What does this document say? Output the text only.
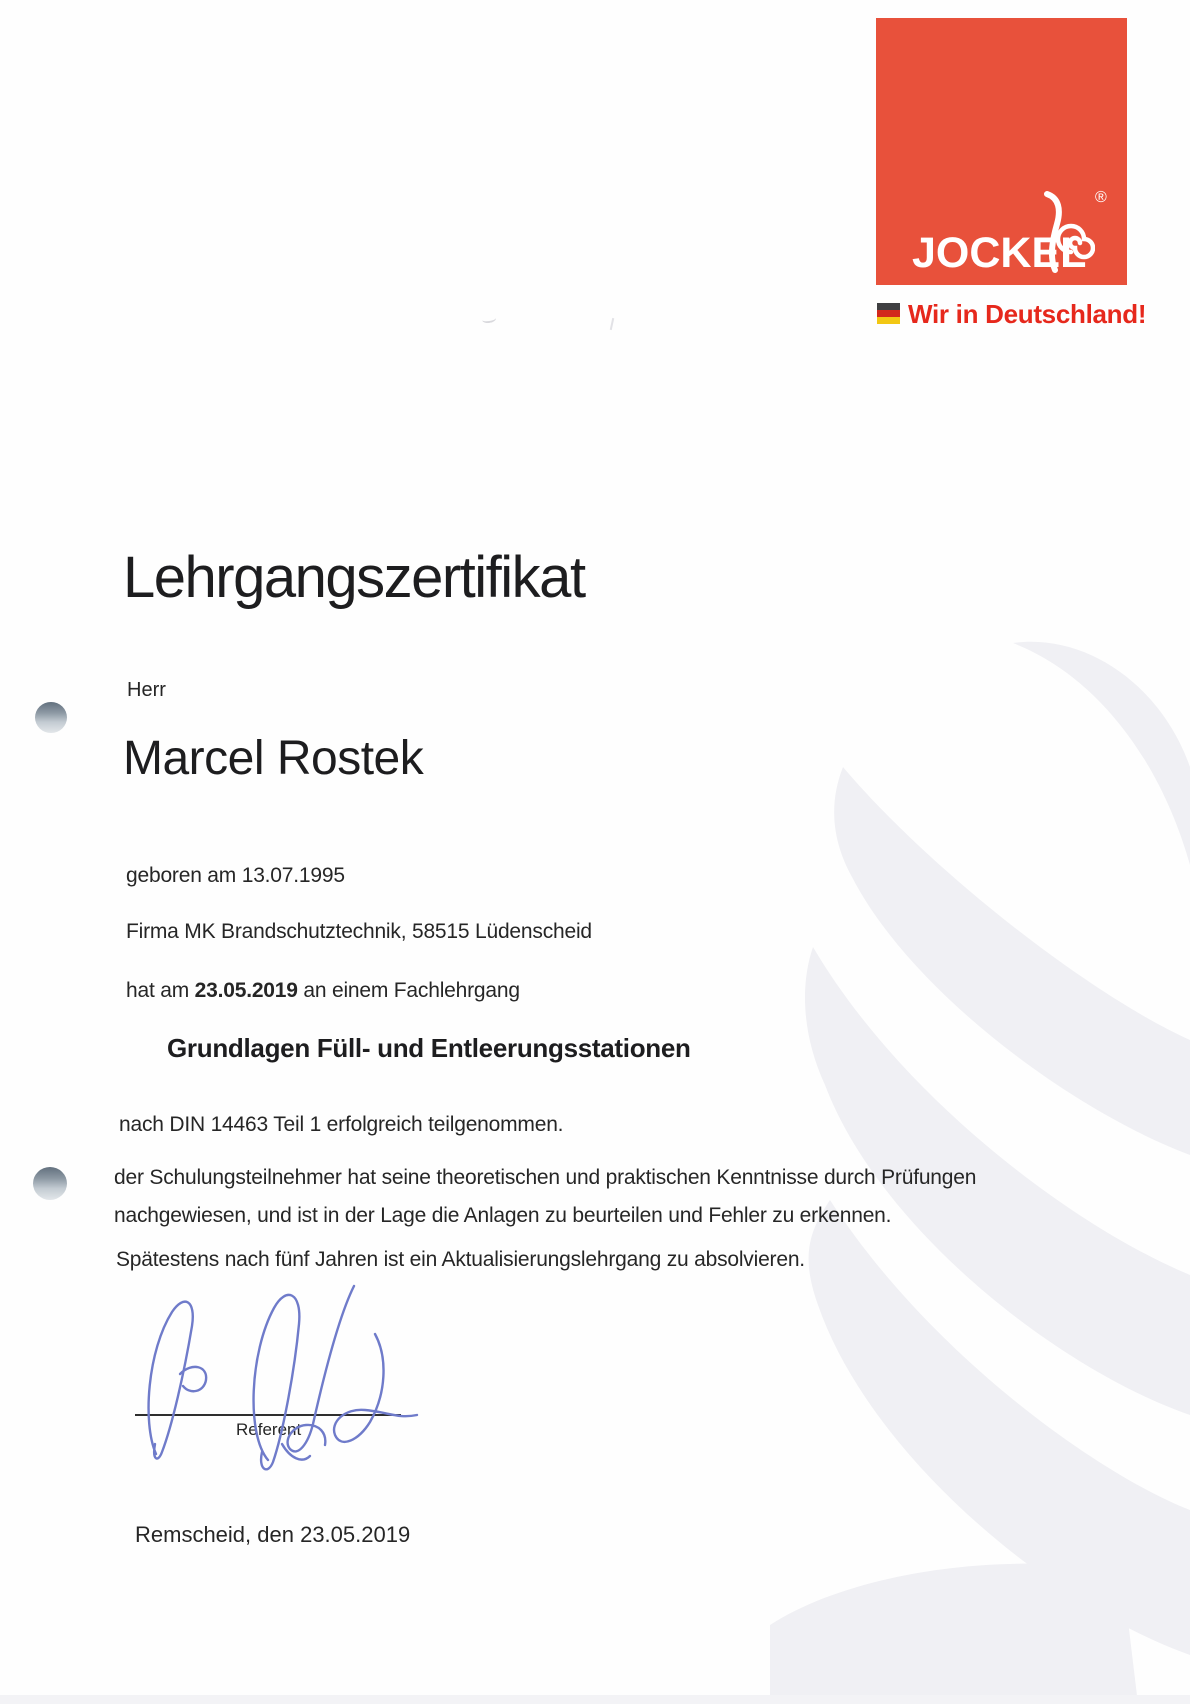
JOCKEL
®
Wir in Deutschland!
Lehrgangszertifikat
Herr
Marcel Rostek
geboren am 13.07.1995
Firma MK Brandschutztechnik, 58515 Lüdenscheid
hat am 23.05.2019 an einem Fachlehrgang
Grundlagen Füll- und Entleerungsstationen
nach DIN 14463 Teil 1 erfolgreich teilgenommen.
der Schulungsteilnehmer hat seine theoretischen und praktischen Kenntnisse durch Prüfungen
nachgewiesen, und ist in der Lage die Anlagen zu beurteilen und Fehler zu erkennen.
Spätestens nach fünf Jahren ist ein Aktualisierungslehrgang zu absolvieren.
Referent
Remscheid, den 23.05.2019
